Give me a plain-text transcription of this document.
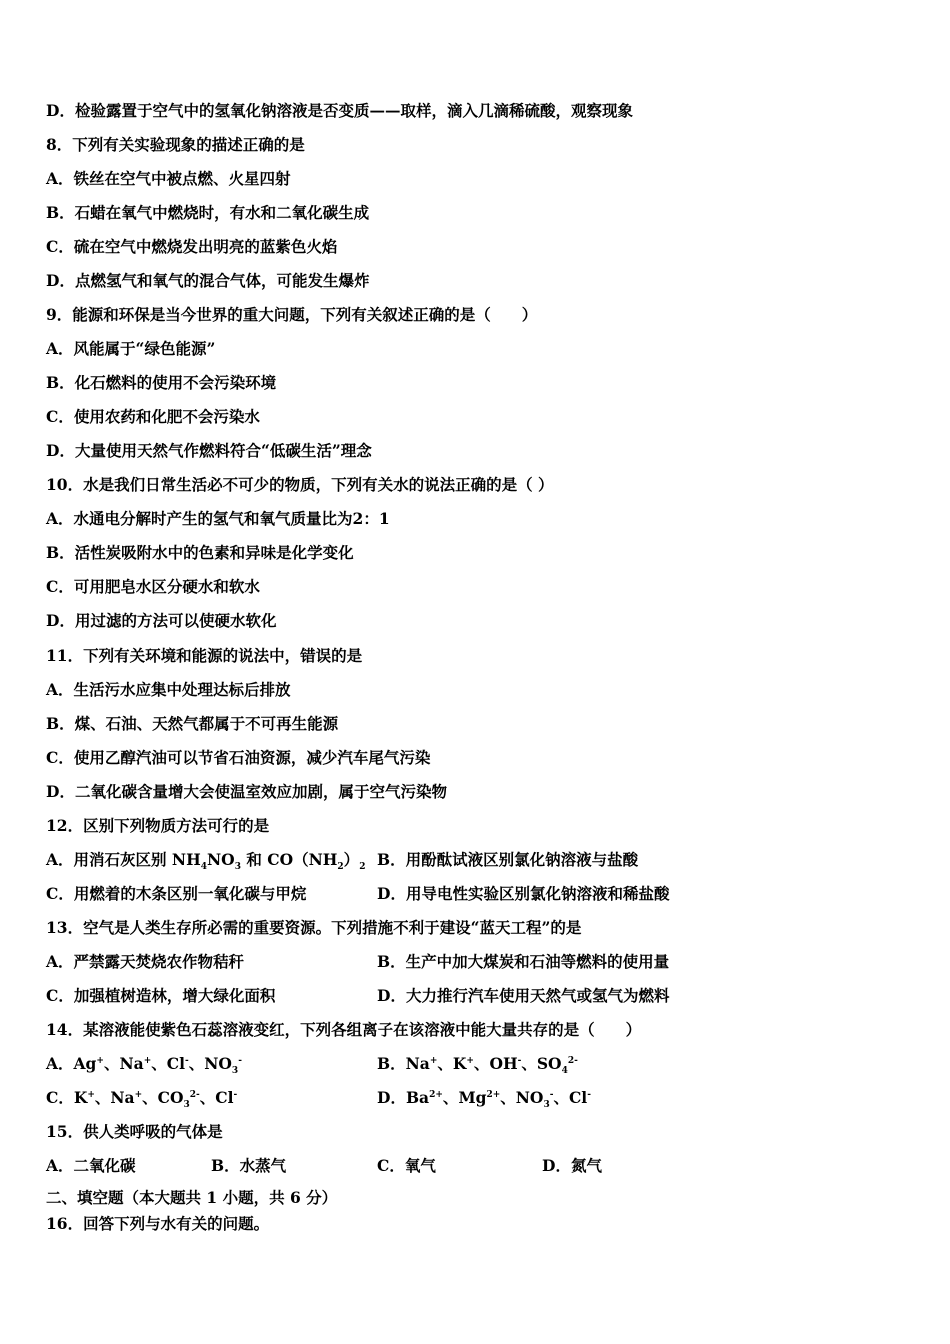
D．检验露置于空气中的氢氧化钠溶液是否变质——取样，滴入几滴稀硫酸，观察现象
8．下列有关实验现象的描述正确的是
A．铁丝在空气中被点燃、火星四射
B．石蜡在氧气中燃烧时，有水和二氧化碳生成
C．硫在空气中燃烧发出明亮的蓝紫色火焰
D．点燃氢气和氧气的混合气体，可能发生爆炸
9．能源和环保是当今世界的重大问题，下列有关叙述正确的是（　　）
A．风能属于“绿色能源”
B．化石燃料的使用不会污染环境
C．使用农药和化肥不会污染水
D．大量使用天然气作燃料符合“低碳生活”理念
10．水是我们日常生活必不可少的物质，下列有关水的说法正确的是（ ）
A．水通电分解时产生的氢气和氧气质量比为2：1
B．活性炭吸附水中的色素和异味是化学变化
C．可用肥皂水区分硬水和软水
D．用过滤的方法可以使硬水软化
11．下列有关环境和能源的说法中，错误的是
A．生活污水应集中处理达标后排放
B．煤、石油、天然气都属于不可再生能源
C．使用乙醇汽油可以节省石油资源，减少汽车尾气污染
D．二氧化碳含量增大会使温室效应加剧，属于空气污染物
12．区别下列物质方法可行的是
A．用消石灰区别 $NH_4NO_3$ 和 $CO(NH_2)_2$ B．用酚酞试液区别氯化钠溶液与盐酸
C．用燃着的木条区别一氧化碳与甲烷	D．用导电性实验区别氯化钠溶液和稀盐酸
13．空气是人类生存所必需的重要资源。下列措施不利于建设“蓝天工程”的是
A．严禁露天焚烧农作物秸秆	B．生产中加大煤炭和石油等燃料的使用量
C．加强植树造林，增大绿化面积	D．大力推行汽车使用天然气或氢气为燃料
14．某溶液能使紫色石蕊溶液变红，下列各组离子在该溶液中能大量共存的是（　　）
A．Ag+、Na+、Cl-、$NO_3^-$	B．Na+、K+、OH-、$SO_4^{2-}$
C．K+、Na+、$CO_3^{2-}$、Cl-	D．$Ba^{2+}$、$Mg^{2+}$、$NO_3^-$、Cl-
15．供人类呼吸的气体是
A．二氧化碳	B．水蒸气	C．氧气	D．氮气
二、填空题（本大题共 1 小题，共 6 分）
16．回答下列与水有关的问题。
